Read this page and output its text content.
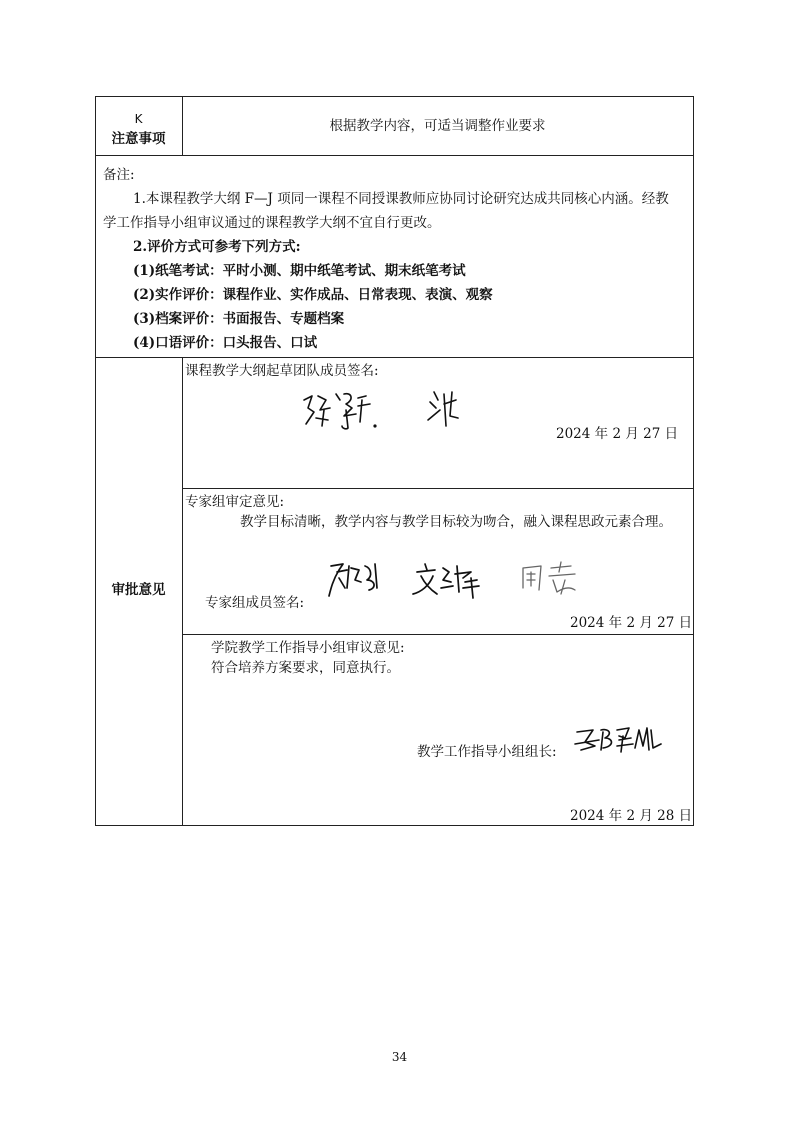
K
注意事项
根据教学内容，可适当调整作业要求
备注:
1.本课程教学大纲 F—J 项同一课程不同授课教师应协同讨论研究达成共同核心内涵。经教
学工作指导小组审议通过的课程教学大纲不宜自行更改。
2.评价方式可参考下列方式:
(1)纸笔考试：平时小测、期中纸笔考试、期末纸笔考试
(2)实作评价：课程作业、实作成品、日常表现、表演、观察
(3)档案评价：书面报告、专题档案
(4)口语评价：口头报告、口试
审批意见
课程教学大纲起草团队成员签名:
2024 年 2 月 27 日
专家组审定意见:
教学目标清晰，教学内容与教学目标较为吻合，融入课程思政元素合理。
专家组成员签名:
2024 年 2 月 27 日
学院教学工作指导小组审议意见:
符合培养方案要求，同意执行。
教学工作指导小组组长:
2024 年 2 月 28 日
34
